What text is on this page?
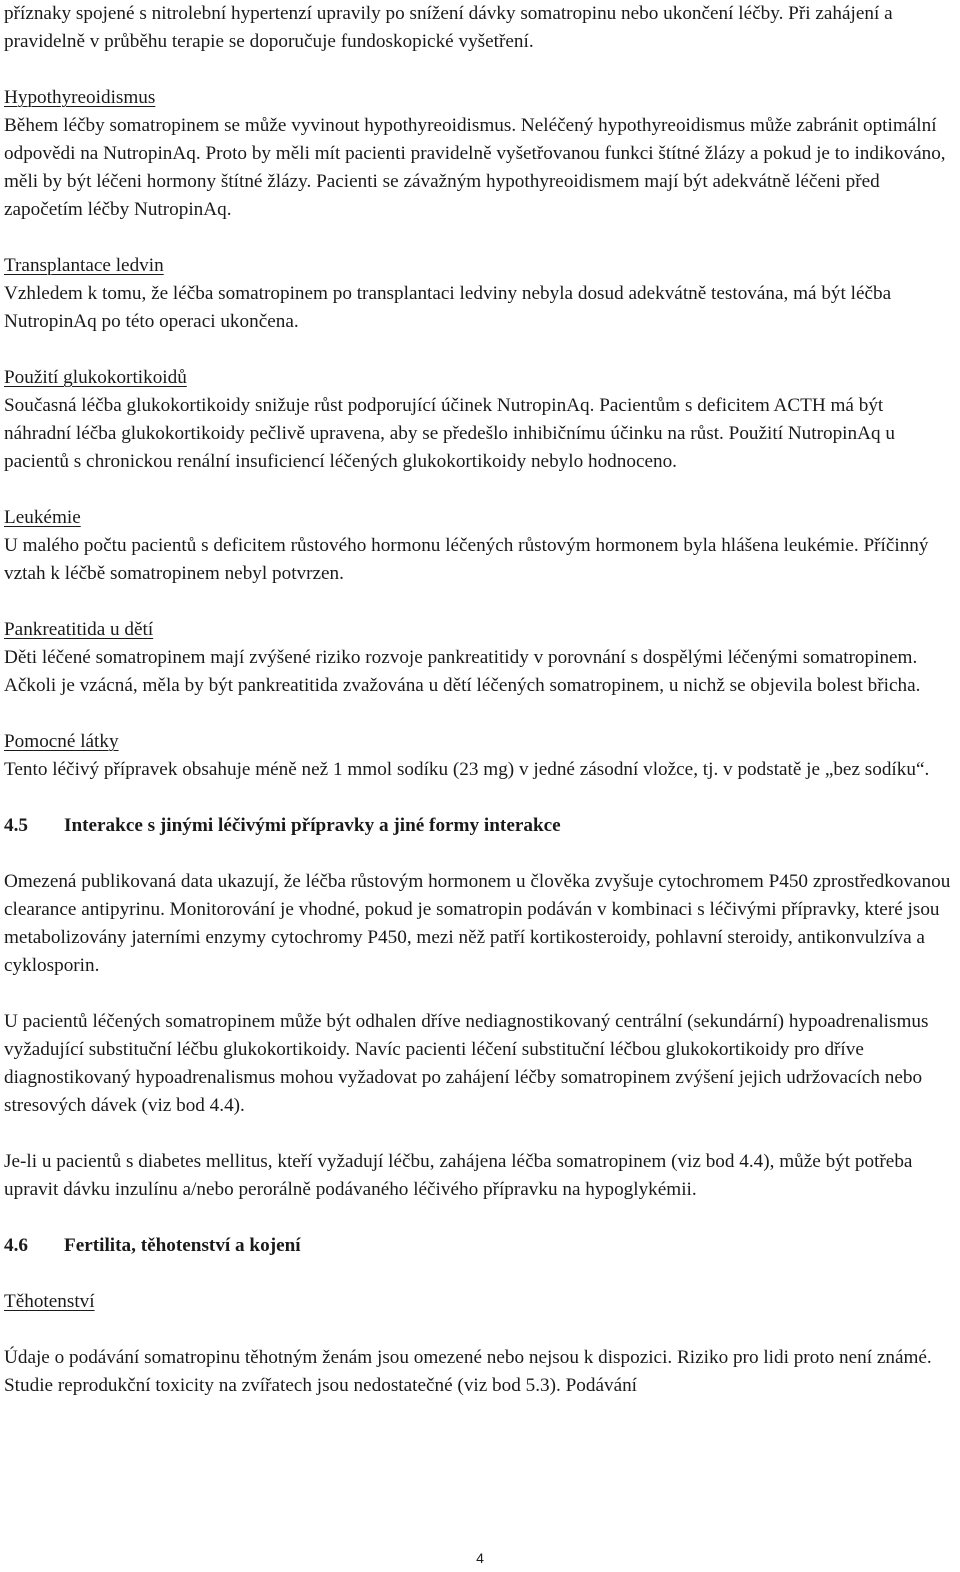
příznaky spojené s nitrolební hypertenzí upravily po snížení dávky somatropinu nebo ukončení léčby. Při zahájení a pravidelně v průběhu terapie se doporučuje fundoskopické vyšetření.

Hypothyreoidismus

Během léčby somatropinem se může vyvinout hypothyreoidismus. Neléčený hypothyreoidismus může zabránit optimální odpovědi na NutropinAq. Proto by měli mít pacienti pravidelně vyšetřovanou funkci štítné žlázy a pokud je to indikováno, měli by být léčeni hormony štítné žlázy. Pacienti se závažným hypothyreoidismem mají být adekvátně léčeni před započetím léčby NutropinAq.

Transplantace ledvin

Vzhledem k tomu, že léčba somatropinem po transplantaci ledviny nebyla dosud adekvátně testována, má být léčba NutropinAq po této operaci ukončena.

Použití glukokortikoidů

Současná léčba glukokortikoidy snižuje růst podporující účinek NutropinAq. Pacientům s deficitem ACTH má být náhradní léčba glukokortikoidy pečlivě upravena, aby se předešlo inhibičnímu účinku na růst. Použití NutropinAq u pacientů s chronickou renální insuficiencí léčených glukokortikoidy nebylo hodnoceno.

Leukémie

U malého počtu pacientů s deficitem růstového hormonu léčených růstovým hormonem byla hlášena leukémie. Příčinný vztah k léčbě somatropinem nebyl potvrzen.

Pankreatitida u dětí

Děti léčené somatropinem mají zvýšené riziko rozvoje pankreatitidy v porovnání s dospělými léčenými somatropinem. Ačkoli je vzácná, měla by být pankreatitida zvažována u dětí léčených somatropinem, u nichž se objevila bolest břicha.

Pomocné látky

Tento léčivý přípravek obsahuje méně než 1 mmol sodíku (23 mg) v jedné zásodní vložce, tj. v podstatě je „bez sodíku“.

4.5	Interakce s jinými léčivými přípravky a jiné formy interakce

Omezená publikovaná data ukazují, že léčba růstovým hormonem u člověka zvyšuje cytochromem P450 zprostředkovanou clearance antipyrinu. Monitorování je vhodné, pokud je somatropin podáván v kombinaci s léčivými přípravky, které jsou metabolizovány jaterními enzymy cytochromy P450, mezi něž patří kortikosteroidy, pohlavní steroidy, antikonvulzíva a cyklosporin.

U pacientů léčených somatropinem může být odhalen dříve nediagnostikovaný centrální (sekundární) hypoadrenalismus vyžadující substituční léčbu glukokortikoidy. Navíc pacienti léčení substituční léčbou glukokortikoidy pro dříve diagnostikovaný hypoadrenalismus mohou vyžadovat po zahájení léčby somatropinem zvýšení jejich udržovacích nebo stresových dávek (viz bod 4.4).

Je-li u pacientů s diabetes mellitus, kteří vyžadují léčbu, zahájena léčba somatropinem (viz bod 4.4), může být potřeba upravit dávku inzulínu a/nebo perorálně podávaného léčivého přípravku na hypoglykémii.

4.6	Fertilita, těhotenství a kojení

Těhotenství

Údaje o podávání somatropinu těhotným ženám jsou omezené nebo nejsou k dispozici. Riziko pro lidi proto není známé. Studie reprodukční toxicity na zvířatech jsou nedostatečné (viz bod 5.3). Podávání

4
